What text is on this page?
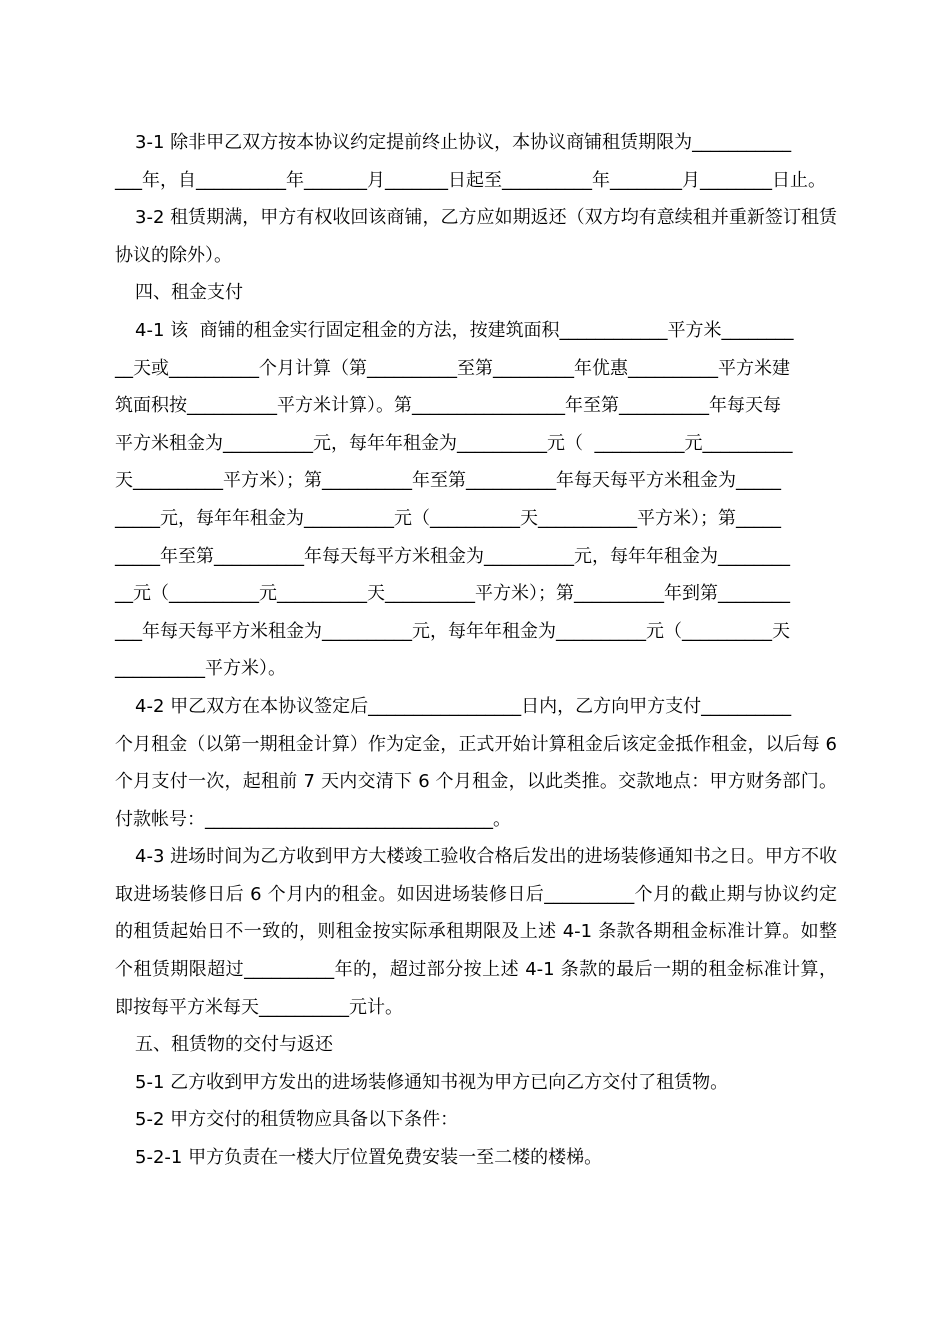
3-1 除非甲乙双方按本协议约定提前终止协议，本协议商铺租赁期限为___________
___年，自__________年_______月_______日起至__________年________月________日止。

3-2 租赁期满，甲方有权收回该商铺，乙方应如期返还（双方均有意续租并重新签订租赁协议的除外）。

四、租金支付

4-1 该  商铺的租金实行固定租金的方法，按建筑面积____________平方米________
__天或__________个月计算（第__________至第_________年优惠__________平方米建
筑面积按__________平方米计算）。第_________________年至第__________年每天每
平方米租金为__________元，每年年租金为__________元（  __________元__________
天__________平方米）；第__________年至第__________年每天每平方米租金为_____
_____元，每年年租金为__________元（__________天___________平方米）；第_____
_____年至第__________年每天每平方米租金为__________元，每年年租金为________
__元（__________元__________天__________平方米）；第__________年到第________
___年每天每平方米租金为__________元，每年年租金为__________元（__________天
__________平方米）。

4-2 甲乙双方在本协议签定后_________________日内，乙方向甲方支付__________
个月租金（以第一期租金计算）作为定金，正式开始计算租金后该定金抵作租金，以后每 6 个月支付一次，起租前 7 天内交清下 6 个月租金，以此类推。交款地点：甲方财务部门。付款帐号：________________________________。

4-3 进场时间为乙方收到甲方大楼竣工验收合格后发出的进场装修通知书之日。甲方不收取进场装修日后 6 个月内的租金。如因进场装修日后__________个月的截止期与协议约定的租赁起始日不一致的，则租金按实际承租期限及上述 4-1 条款各期租金标准计算。如整个租赁期限超过__________年的，超过部分按上述 4-1 条款的最后一期的租金标准计算，即按每平方米每天__________元计。

五、租赁物的交付与返还

5-1 乙方收到甲方发出的进场装修通知书视为甲方已向乙方交付了租赁物。

5-2 甲方交付的租赁物应具备以下条件：

5-2-1 甲方负责在一楼大厅位置免费安装一至二楼的楼梯。
